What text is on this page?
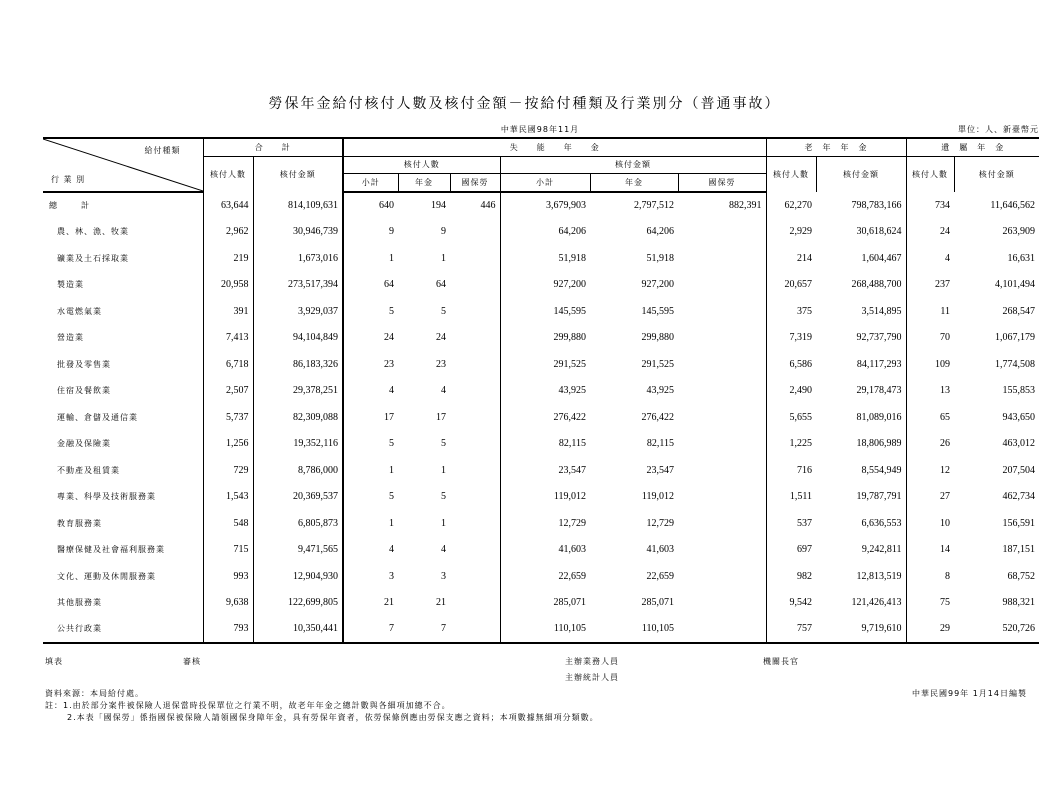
勞保年金給付核付人數及核付金額－按給付種類及行業別分（普通事故）
中華民國98年11月	單位：人、新臺幣元
給付種類
行 業 別	合　　計		失　　能　　年　　金						老　年　年　金		遺　屬　年　金	
	核付人數	核付金額	核付人數			核付金額			核付人數	核付金額	核付人數	核付金額
			小計	年金	國保勞	小計	年金	國保勞				
總　　　計	63,644	814,109,631	640	194	446	3,679,903	2,797,512	882,391	62,270	798,783,166	734	11,646,562
農、林、漁、牧業	2,962	30,946,739	9	9		64,206	64,206		2,929	30,618,624	24	263,909
礦業及土石採取業	219	1,673,016	1	1		51,918	51,918		214	1,604,467	4	16,631
製造業	20,958	273,517,394	64	64		927,200	927,200		20,657	268,488,700	237	4,101,494
水電燃氣業	391	3,929,037	5	5		145,595	145,595		375	3,514,895	11	268,547
營造業	7,413	94,104,849	24	24		299,880	299,880		7,319	92,737,790	70	1,067,179
批發及零售業	6,718	86,183,326	23	23		291,525	291,525		6,586	84,117,293	109	1,774,508
住宿及餐飲業	2,507	29,378,251	4	4		43,925	43,925		2,490	29,178,473	13	155,853
運輸、倉儲及通信業	5,737	82,309,088	17	17		276,422	276,422		5,655	81,089,016	65	943,650
金融及保險業	1,256	19,352,116	5	5		82,115	82,115		1,225	18,806,989	26	463,012
不動產及租賃業	729	8,786,000	1	1		23,547	23,547		716	8,554,949	12	207,504
專業、科學及技術服務業	1,543	20,369,537	5	5		119,012	119,012		1,511	19,787,791	27	462,734
教育服務業	548	6,805,873	1	1		12,729	12,729		537	6,636,553	10	156,591
醫療保健及社會福利服務業	715	9,471,565	4	4		41,603	41,603		697	9,242,811	14	187,151
文化、運動及休閒服務業	993	12,904,930	3	3		22,659	22,659		982	12,813,519	8	68,752
其他服務業	9,638	122,699,805	21	21		285,071	285,071		9,542	121,426,413	75	988,321
公共行政業	793	10,350,441	7	7		110,105	110,105		757	9,719,610	29	520,726
填表	審核	主辦業務人員	機關長官
主辦統計人員
資料來源：本局給付處。	中華民國99年 1月14日編製
註：1.由於部分案件被保險人退保當時投保單位之行業不明，故老年年金之總計數與各細項加總不合。
2.本表「國保勞」係指國保被保險人請領國保身障年金，具有勞保年資者，依勞保條例應由勞保支應之資料；本項數據無細項分類數。
